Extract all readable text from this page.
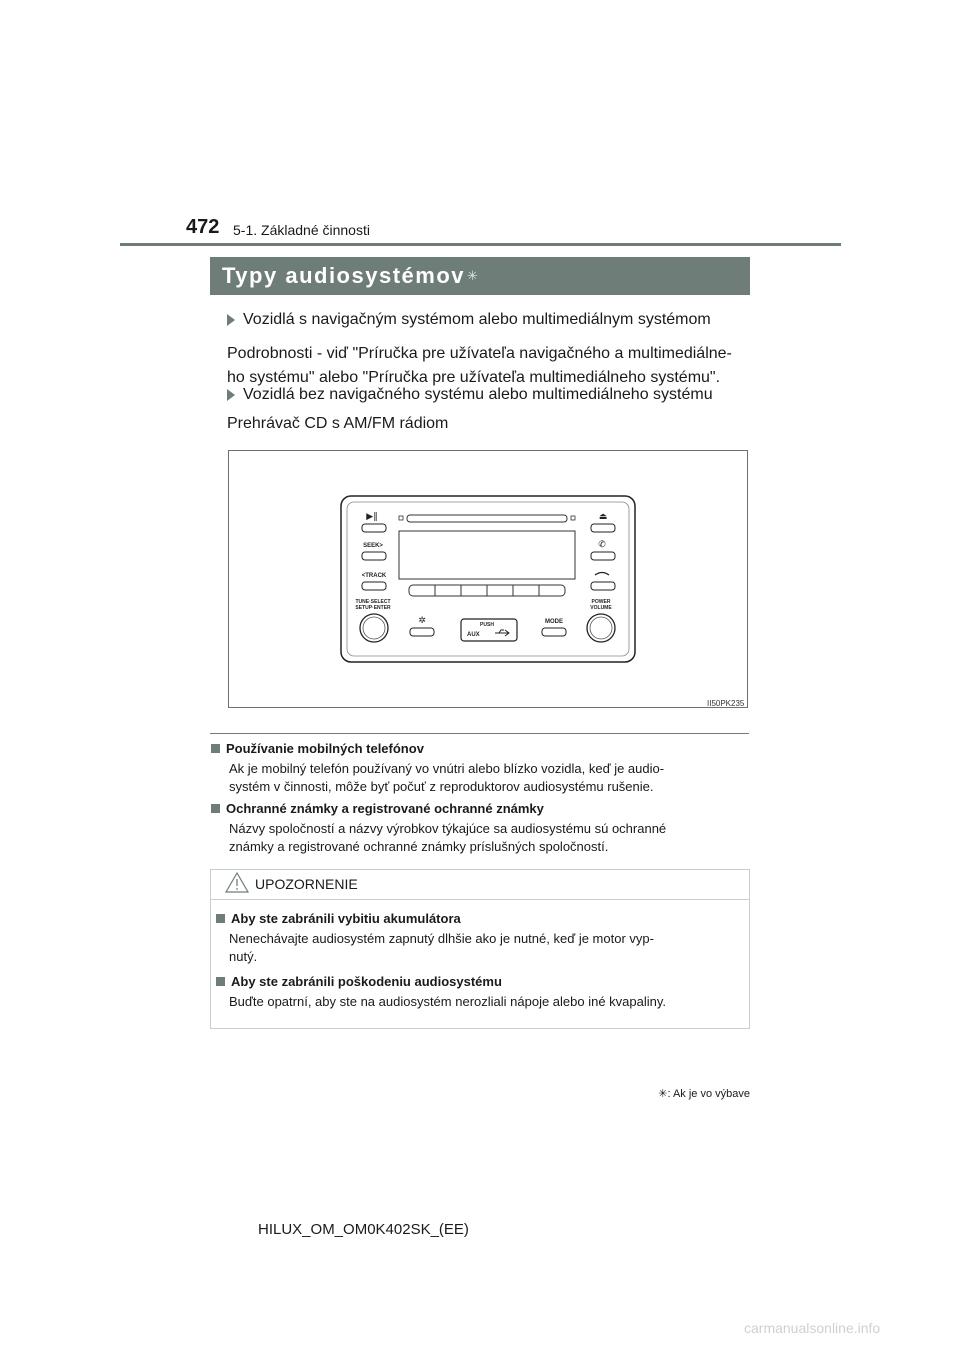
472 5-1. Základné činnosti
Typy audiosystémov ✳
Vozidlá s navigačným systémom alebo multimediálnym systémom
Podrobnosti - viď "Príručka pre užívateľa navigačného a multimediálne-
ho systému" alebo "Príručka pre užívateľa multimediálneho systému".
Vozidlá bez navigačného systému alebo multimediálneho systému
Prehrávač CD s AM/FM rádiom
▶‖
SEEK>
<TRACK
TUNE·SELECT
SETUP·ENTER
⏏
✆
POWER
VOLUME
✲	PUSH
AUX
MODE
II50PK235
Používanie mobilných telefónov
Ak je mobilný telefón používaný vo vnútri alebo blízko vozidla, keď je audio-
systém v činnosti, môže byť počuť z reproduktorov audiosystému rušenie.
Ochranné známky a registrované ochranné známky
Názvy spoločností a názvy výrobkov týkajúce sa audiosystému sú ochranné
známky a registrované ochranné známky príslušných spoločností.
UPOZORNENIE
Aby ste zabránili vybitiu akumulátora
Nenechávajte audiosystém zapnutý dlhšie ako je nutné, keď je motor vyp-
nutý.
Aby ste zabránili poškodeniu audiosystému
Buďte opatrní, aby ste na audiosystém nerozliali nápoje alebo iné kvapaliny.
✳: Ak je vo výbave
HILUX_OM_OM0K402SK_(EE)
carmanualsonline.info
